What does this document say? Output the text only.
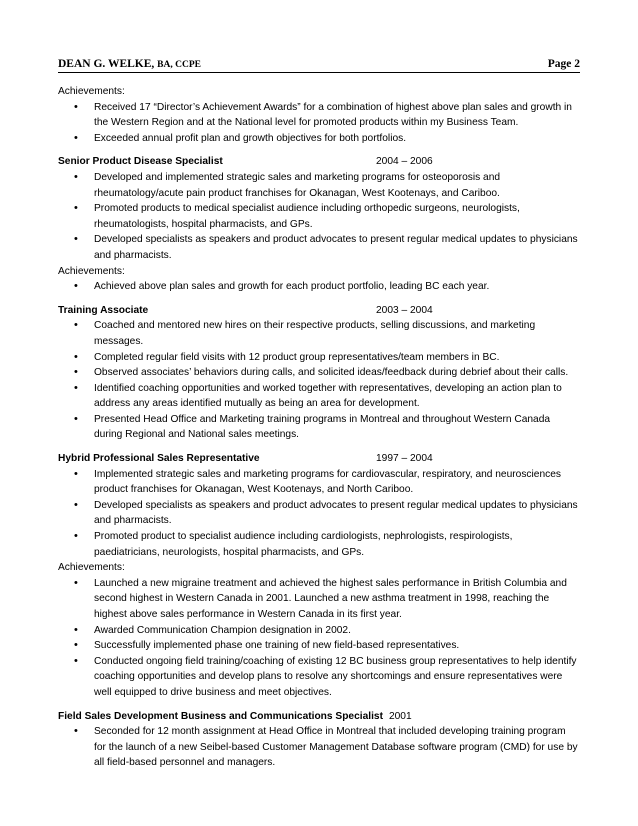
DEAN G. WELKE, BA, CCPE	Page 2

Achievements:

• Received 17 “Director’s Achievement Awards” for a combination of highest above plan sales and growth in the Western Region and at the National level for promoted products within my Business Team.
• Exceeded annual profit plan and growth objectives for both portfolios.
Senior Product Disease Specialist	2004 – 2006
• Developed and implemented strategic sales and marketing programs for osteoporosis and rheumatology/acute pain product franchises for Okanagan, West Kootenays, and Cariboo.
• Promoted products to medical specialist audience including orthopedic surgeons, neurologists, rheumatologists, hospital pharmacists, and GPs.
• Developed specialists as speakers and product advocates to present regular medical updates to physicians and pharmacists.

Achievements:

• Achieved above plan sales and growth for each product portfolio, leading BC each year.
Training Associate	2003 – 2004
• Coached and mentored new hires on their respective products, selling discussions, and marketing messages.
• Completed regular field visits with 12 product group representatives/team members in BC.
• Observed associates’ behaviors during calls, and solicited ideas/feedback during debrief about their calls.
• Identified coaching opportunities and worked together with representatives, developing an action plan to address any areas identified mutually as being an area for development.
• Presented Head Office and Marketing training programs in Montreal and throughout Western Canada during Regional and National sales meetings.
Hybrid Professional Sales Representative	1997 – 2004
• Implemented strategic sales and marketing programs for cardiovascular, respiratory, and neurosciences product franchises for Okanagan, West Kootenays, and North Cariboo.
• Developed specialists as speakers and product advocates to present regular medical updates to physicians and pharmacists.
• Promoted product to specialist audience including cardiologists, nephrologists, respirologists, paediatricians, neurologists, hospital pharmacists, and GPs.

Achievements:

• Launched a new migraine treatment and achieved the highest sales performance in British Columbia and second highest in Western Canada in 2001. Launched a new asthma treatment in 1998, reaching the highest above sales performance in Western Canada in its first year.
• Awarded Communication Champion designation in 2002.
• Successfully implemented phase one training of new field-based representatives.
• Conducted ongoing field training/coaching of existing 12 BC business group representatives to help identify coaching opportunities and develop plans to resolve any shortcomings and ensure representatives were well equipped to drive business and meet objectives.
Field Sales Development Business and Communications Specialist 2001
• Seconded for 12 month assignment at Head Office in Montreal that included developing training program for the launch of a new Seibel-based Customer Management Database software program (CMD) for use by all field-based personnel and managers.
